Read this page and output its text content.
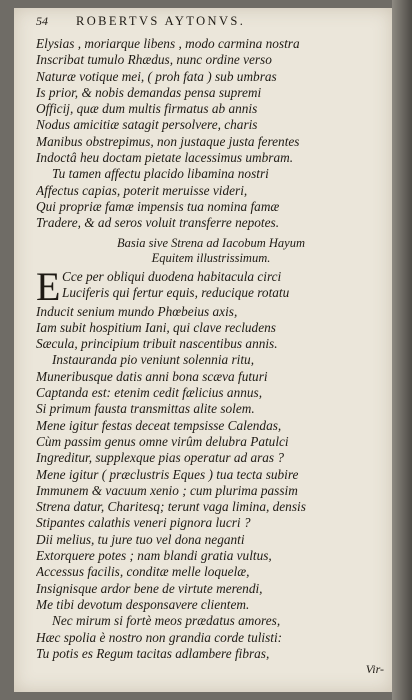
54	ROBERTVS AYTONVS.
Elysias , moriarque libens , modo carmina nostra
Inscribat tumulo Rhædus, nunc ordine verso
Naturæ votique mei, ( proh fata ) sub umbras
Is prior, & nobis demandas pensa supremi
Officij, quæ dum multis firmatus ab annis
Nodus amicitiæ satagit persolvere, charis
Manibus obstrepimus, non justaque justa ferentes
Indoctâ heu doctam pietate lacessimus umbram.
Tu tamen affectu placido libamina nostri
Affectus capias, poterit meruisse videri,
Qui propriæ famæ impensis tua nomina famæ
Tradere, & ad seros voluit transferre nepotes.
Basia sive Strena ad Iacobum Hayum
Equitem illustrissimum.
E Cce per obliqui duodena habitacula circi
Luciferis qui fertur equis, reducique rotatu
Inducit senium mundo Phœbeius axis,
Iam subit hospitium Iani, qui clave recludens
Sæcula, principium tribuit nascentibus annis.
Instauranda pio veniunt solennia ritu,
Muneribusque datis anni bona scæva futuri
Captanda est: etenim cedit fælicius annus,
Si primum fausta transmittas alite solem.
Mene igitur festas deceat tempsisse Calendas,
Cùm passim genus omne virûm delubra Patulci
Ingreditur, supplexque pias operatur ad aras ?
Mene igitur ( præclustris Eques ) tua tecta subire
Immunem & vacuum xenio ; cum plurima passim
Strena datur, Charitesq; terunt vaga limina, densis
Stipantes calathis veneri pignora lucri ?
Dii melius, tu jure tuo vel dona neganti
Extorquere potes ; nam blandi gratia vultus,
Accessus facilis, conditæ melle loquelæ,
Insignisque ardor bene de virtute merendi,
Me tibi devotum desponsavere clientem.
Nec mirum si fortè meos prædatus amores,
Hæc spolia è nostro non grandia corde tulisti:
Tu potis es Regum tacitas adlambere fibras,
Vir-
